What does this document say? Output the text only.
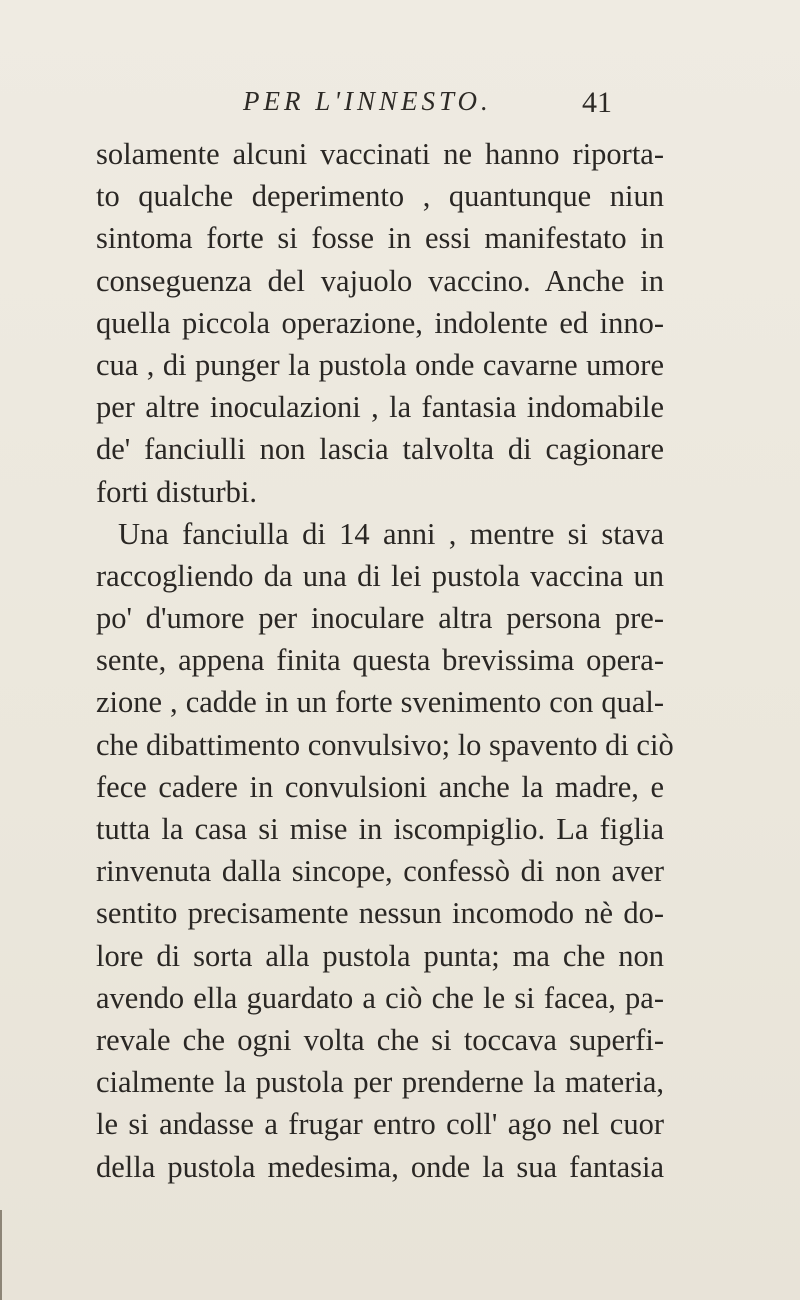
PER L'INNESTO.	41
solamente alcuni vaccinati ne hanno riporta-
to qualche deperimento , quantunque niun
sintoma forte si fosse in essi manifestato in
conseguenza del vajuolo vaccino. Anche in
quella piccola operazione, indolente ed inno-
cua , di punger la pustola onde cavarne umore
per altre inoculazioni , la fantasia indomabile
de' fanciulli non lascia talvolta di cagionare
forti disturbi.
Una fanciulla di 14 anni , mentre si stava
raccogliendo da una di lei pustola vaccina un
po' d'umore per inoculare altra persona pre-
sente, appena finita questa brevissima opera-
zione , cadde in un forte svenimento con qual-
che dibattimento convulsivo; lo spavento di ciò
fece cadere in convulsioni anche la madre, e
tutta la casa si mise in iscompiglio. La figlia
rinvenuta dalla sincope, confessò di non aver
sentito precisamente nessun incomodo nè do-
lore di sorta alla pustola punta; ma che non
avendo ella guardato a ciò che le si facea, pa-
revale che ogni volta che si toccava superfi-
cialmente la pustola per prenderne la materia,
le si andasse a frugar entro coll' ago nel cuor
della pustola medesima, onde la sua fantasia
